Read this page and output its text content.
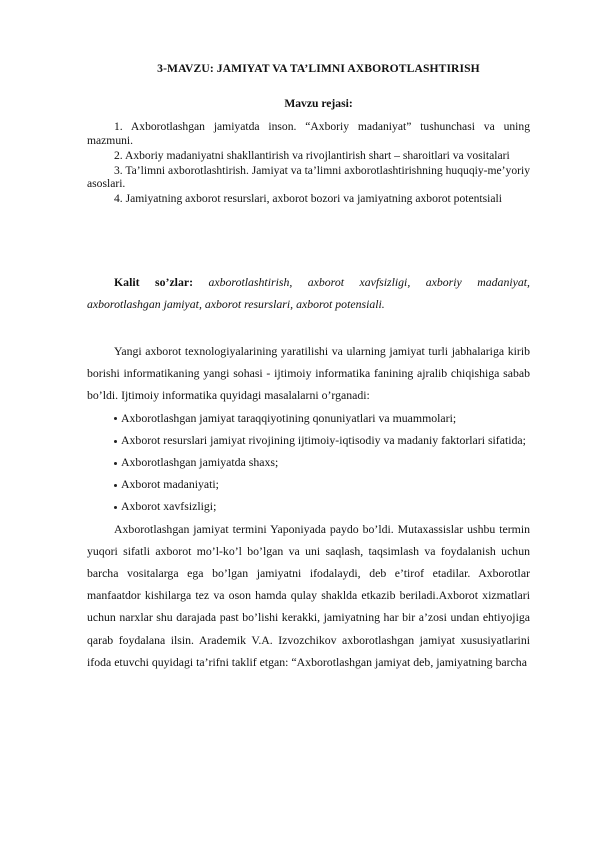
3-MAVZU: JAMIYAT VA TA’LIMNI AXBOROTLASHTIRISH
Mavzu rejasi:

1. Axborotlashgan jamiyatda inson. “Axboriy madaniyat” tushunchasi va uning mazmuni.

2. Axboriy madaniyatni shakllantirish va rivojlantirish shart – sharoitlari va vositalari

3. Ta’limni axborotlashtirish. Jamiyat va ta’limni axborotlashtirishning huquqiy-me’yoriy asoslari.

4. Jamiyatning axborot resurslari, axborot bozori va jamiyatning axborot potentsiali

Kalit so’zlar: axborotlashtirish, axborot xavfsizligi, axboriy madaniyat, axborotlashgan jamiyat, axborot resurslari, axborot potensiali.

Yangi axborot texnologiyalarining yaratilishi va ularning jamiyat turli jabhalariga kirib borishi informatikaning yangi sohasi - ijtimoiy informatika fanining ajralib chiqishiga sabab bo’ldi. Ijtimoiy informatika quyidagi masalalarni o’rganadi:

Axborotlashgan jamiyat taraqqiyotining qonuniyatlari va muammolari;

Axborot resurslari jamiyat rivojining ijtimoiy-iqtisodiy va madaniy faktorlari sifatida;

Axborotlashgan jamiyatda shaxs;

Axborot madaniyati;

Axborot xavfsizligi;

Axborotlashgan jamiyat termini Yaponiyada paydo bo’ldi. Mutaxassislar ushbu termin yuqori sifatli axborot mo’l-ko’l bo’lgan va uni saqlash, taqsimlash va foydalanish uchun barcha vositalarga ega bo’lgan jamiyatni ifodalaydi, deb e’tirof etadilar. Axborotlar manfaatdor kishilarga tez va oson hamda qulay shaklda etkazib beriladi.Axborot xizmatlari uchun narxlar shu darajada past bo’lishi kerakki, jamiyatning har bir a’zosi undan ehtiyojiga qarab foydalana ilsin. Arademik V.A. Izvozchikov axborotlashgan jamiyat xususiyatlarini ifoda etuvchi quyidagi ta’rifni taklif etgan: “Axborotlashgan jamiyat deb, jamiyatning barcha
